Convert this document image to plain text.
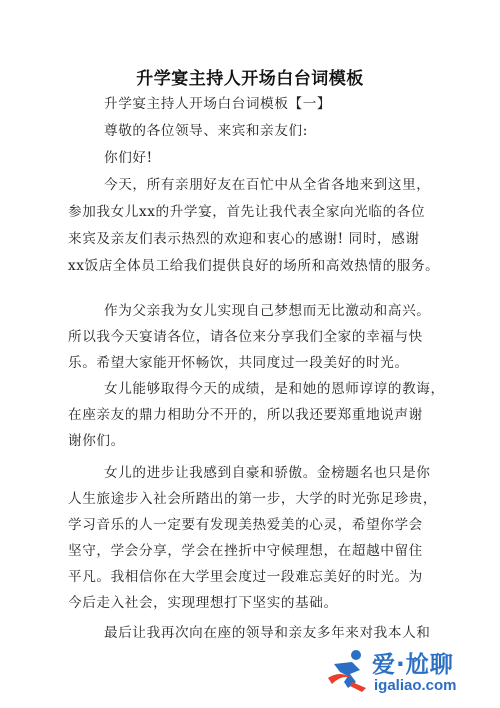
升学宴主持人开场白台词模板
升学宴主持人开场白台词模板【一】
尊敬的各位领导、来宾和亲友们:
你们好!
今天，所有亲朋好友在百忙中从全省各地来到这里，
参加我女儿xx的升学宴，首先让我代表全家向光临的各位
来宾及亲友们表示热烈的欢迎和衷心的感谢! 同时，感谢
xx饭店全体员工给我们提供良好的场所和高效热情的服务。
作为父亲我为女儿实现自己梦想而无比激动和高兴。
所以我今天宴请各位，请各位来分享我们全家的幸福与快
乐。希望大家能开怀畅饮，共同度过一段美好的时光。
女儿能够取得今天的成绩，是和她的恩师谆谆的教诲，
在座亲友的鼎力相助分不开的，所以我还要郑重地说声谢
谢你们。
女儿的进步让我感到自豪和骄傲。金榜题名也只是你
人生旅途步入社会所踏出的第一步，大学的时光弥足珍贵，
学习音乐的人一定要有发现美热爱美的心灵，希望你学会
坚守，学会分享，学会在挫折中守候理想，在超越中留住
平凡。我相信你在大学里会度过一段难忘美好的时光。为
今后走入社会，实现理想打下坚实的基础。
最后让我再次向在座的领导和亲友多年来对我本人和
爱·尬聊
igaliao.com
